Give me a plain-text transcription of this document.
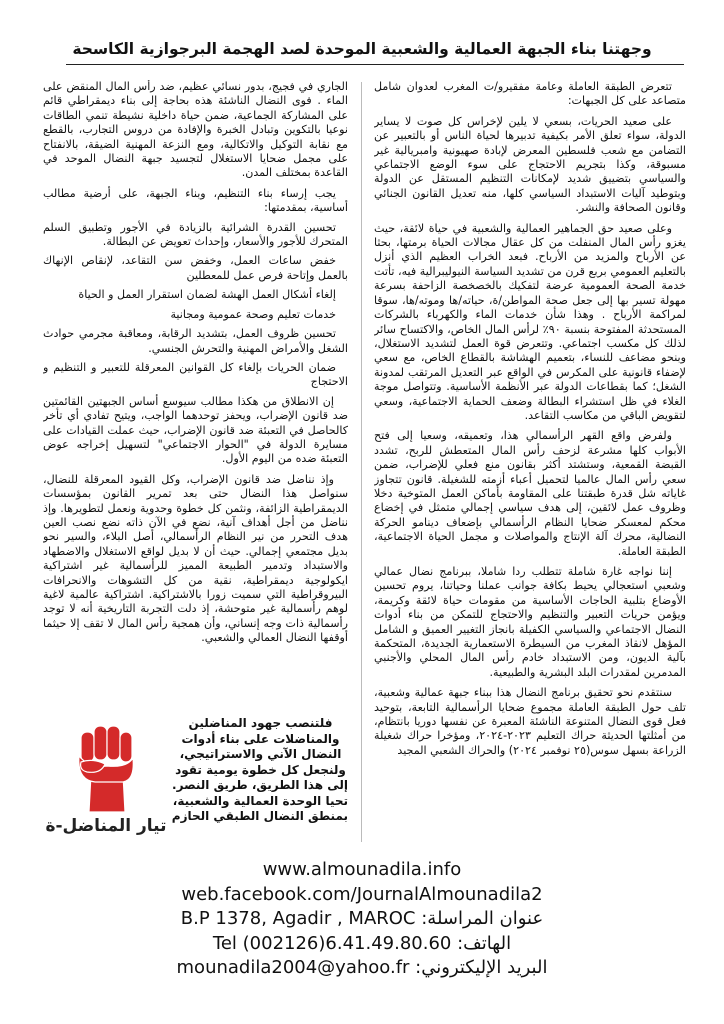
وجهتنا بناء الجبهة العمالية والشعبية الموحدة لصد الهجمة البرجوازية الكاسحة

تتعرض الطبقة العاملة وعامة مفقيرو/ت المغرب لعدوان شامل متصاعد على كل الجبهات:

على صعيد الحريات، بسعي لا يلين لإخراس كل صوت لا يساير الدولة، سواء تعلق الأمر بكيفية تدبيرها لحياة الناس أو بالتعبير عن التضامن مع شعب فلسطين المعرض لإبادة صهيونية وامبريالية غير مسبوقة، وكذا بتجريم الاحتجاج على سوء الوضع الاجتماعي والسياسي بتضييق شديد لإمكانات التنظيم المستقل عن الدولة وبتوطيد آليات الاستبداد السياسي كلها، منه تعديل القانون الجنائي وقانون الصحافة والنشر.

وعلى صعيد حق الجماهير العمالية والشعبية في حياة لائقة، حيث يغزو رأس المال المنفلت من كل عقال مجالات الحياة برمتها، بحثا عن الأرباح والمزيد من الأرباح. فبعد الخراب العظيم الذي أنزل بالتعليم العمومي بربع قرن من تشديد السياسة النيوليبرالية فيه، تأتت خدمة الصحة العمومية عرضة لتفكيك بالخصخصة الزاحفة بسرعة مهولة تسير بها إلى جعل صحة المواطن/ة، حياته/ها وموته/ها، سوقا لمراكمة الأرباح . وهذا شأن خدمات الماء والكهرباء بالشركات المستحدثة المفتوحة بنسبة ٩٠٪ لرأس المال الخاص، والاكتساح سائر لذلك كل مكسب اجتماعي. وتتعرض قوة العمل لتشديد الاستغلال، وبنحو مضاعف للنساء، بتعميم الهشاشة بالقطاع الخاص، مع سعي لإضفاء قانونية على المكرس في الواقع عبر التعديل المرتقب لمدونة الشغل؛ كما بقطاعات الدولة عبر الأنظمة الأساسية. وتتواصل موجة الغلاء في ظل استشراء البطالة وضعف الحماية الاجتماعية، وسعي لتقويض الباقي من مكاسب التقاعد.

ولفرض واقع القهر الرأسمالي هذا، وتعميقه، وسعيا إلى فتح الأبواب كلها مشرعة لزحف رأس المال المتعطش للربح، تشدد القبضة القمعية، وستشتد أكثر بقانون منع فعلي للإضراب، ضمن سعي رأس المال عالميا لتحميل أعباء أزمته للشغيلة. قانون تتجاوز غاياته شل قدرة طبقتنا على المقاومة بأماكن العمل المتوخية دخلا وظروف عمل لائقين، إلى هدف سياسي إجمالي متمثل في إخضاع محكم لمعسكر ضحايا النظام الرأسمالي بإضعاف دينامو الحركة النضالية، محرك آلة الإنتاج والمواصلات و مجمل الحياة الاجتماعية، الطبقة العاملة.

إننا نواجه غارة شاملة تتطلب ردا شاملا، ببرنامج نضال عمالي وشعبي استعجالي يحيط بكافة جوانب عملنا وحياتنا، يروم تحسين الأوضاع بتلبية الحاجات الأساسية من مقومات حياة لائقة وكريمة، ويؤمن حريات التعبير والتنظيم والاحتجاج للتمكن من بناء أدوات النضال الاجتماعي والسياسي الكفيلة بانجاز التغيير العميق و الشامل المؤهل لانقاذ المغرب من السيطرة الاستعمارية الجديدة، المتحكمة بآلية الديون، ومن الاستبداد خادم رأس المال المحلي والأجنبي المدمرين لمقدرات البلد البشرية والطبيعية.

سنتقدم نحو تحقيق برنامج النضال هذا ببناء جبهة عمالية وشعبية، تلف حول الطبقة العاملة مجموع ضحايا الرأسمالية التابعة، بتوحيد فعل قوى النضال المتنوعة الناشئة المعبرة عن نفسها دوريا بانتظام، من أمثلتها الحديثة حراك التعليم ٢٠٢٣-٢٠٢٤، ومؤخرا حراك شغيلة الزراعة بسهل سوس(٢٥ نوفمبر ٢٠٢٤) والحراك الشعبي المجيد

الجاري في فجيج، بدور نسائي عظيم، ضد رأس المال المنقض على الماء . فوى النضال الناشئة هذه بحاجة إلى بناء ديمقراطي قائم على المشاركة الجماعية، ضمن حياة داخلية نشيطة تنمي الطاقات نوعيا بالتكوين وتبادل الخبرة والإفادة من دروس التجارب، بالقطع مع نقابة التوكيل والاتكالية، ومع النزعة المهنية الضيقة، بالانفتاح على مجمل ضحايا الاستغلال لتجسيد جبهة النضال الموحد في القاعدة بمختلف المدن.

يجب إرساء بناء التنظيم، وبناء الجبهة، على أرضية مطالب أساسية، بمقدمتها:

تحسين القدرة الشرائية بالزيادة في الأجور وتطبيق السلم المتحرك للأجور والأسعار، وإحداث تعويض عن البطالة.

خفض ساعات العمل، وخفض سن التقاعد، لإنقاص الإنهاك بالعمل وإتاحة فرص عمل للمعطلين

إلغاء أشكال العمل الهشة لضمان استقرار العمل و الحياة

خدمات تعليم وصحة عمومية ومجانية

تحسين ظروف العمل، بتشديد الرقابة، ومعاقبة مجرمي حوادث الشغل والأمراض المهنية والتحرش الجنسي.

ضمان الحريات بإلغاء كل القوانين المعرقلة للتعبير و التنظيم و الاحتجاج

إن الانطلاق من هكذا مطالب سيوسع أساس الجبهتين القائمتين ضد قانون الإضراب، ويحفز توحدهما الواجب، ويتيح تفادي أي تأخر كالحاصل في التعبئة ضد قانون الإضراب، حيث عملت القيادات على مسايرة الدولة في "الحوار الاجتماعي" لتسهيل إخراجه عوض التعبئة ضده من اليوم الأول.

وإذ نناضل ضد قانون الإضراب، وكل القيود المعرقلة للنضال، سنواصل هذا النضال حتى بعد تمرير القانون بمؤسسات الديمقراطية الزائفة، ونثمن كل خطوة وحدوية ونعمل لتطويرها. وإذ نناضل من أجل أهداف آنية، نضع في الآن ذاته نضع نصب العين هدف التحرر من نير النظام الرأسمالي، أصل البلاء، والسير نحو بديل مجتمعي إجمالي. حيث أن لا بديل لواقع الاستغلال والاضطهاد والاستبداد وتدمير الطبيعة المميز للرأسمالية غير اشتراكية ايكولوجية ديمقراطية، نقية من كل التشوهات والانحرافات البيروقراطية التي سميت زورا بالاشتراكية. اشتراكية عالمية لاغية لوهم رأسمالية غير متوحشة، إذ دلت التجربة التاريخية أنه لا توجد رأسمالية ذات وجه إنساني، وأن همجية رأس المال لا تقف إلا حيثما أوقفها النضال العمالي والشعبي.

فلتنصب جهود المناضلين
والمناضلات على بناء أدوات
النضال الآني والاستراتيجي،
ولنجعل كل خطوة يومية تقود
إلى هذا الطريق، طريق النصر.
تحيا الوحدة العمالية والشعبية،
بمنطق النضال الطبقي الحازم
تيار المناضل-ة
www.almounadila.info
web.facebook.com/JournalAlmounadila2
B.P 1378, Agadir , MAROC عنوان المراسلة:
Tel (002126)6.41.49.80.60 الهاتف:
mounadila2004@yahoo.fr البريد الإليكتروني:
